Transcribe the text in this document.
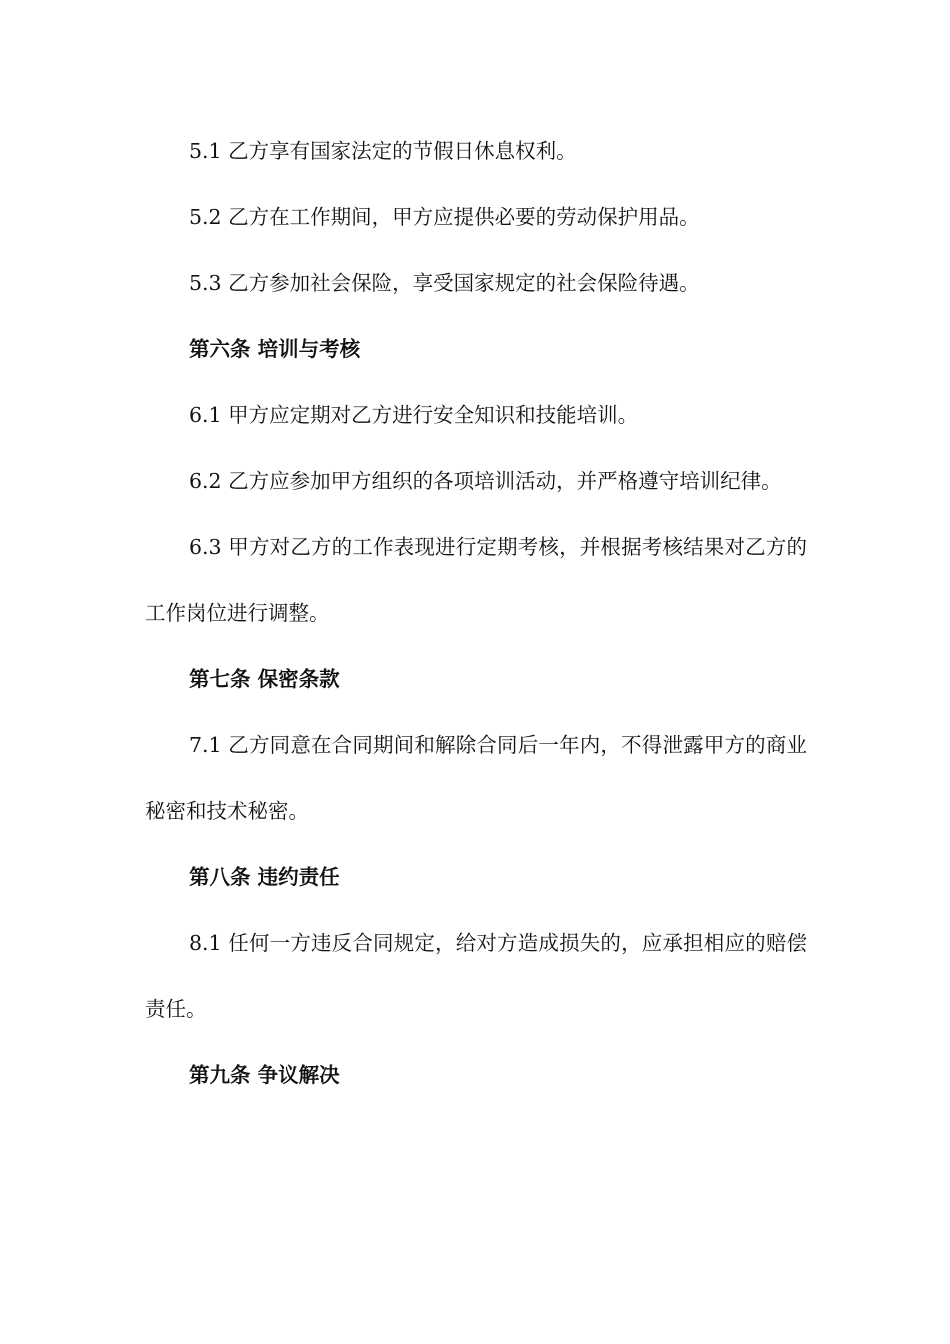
5.1 乙方享有国家法定的节假日休息权利。

5.2 乙方在工作期间，甲方应提供必要的劳动保护用品。

5.3 乙方参加社会保险，享受国家规定的社会保险待遇。

第六条 培训与考核

6.1 甲方应定期对乙方进行安全知识和技能培训。

6.2 乙方应参加甲方组织的各项培训活动，并严格遵守培训纪律。

6.3 甲方对乙方的工作表现进行定期考核，并根据考核结果对乙方的工作岗位进行调整。

第七条 保密条款

7.1 乙方同意在合同期间和解除合同后一年内，不得泄露甲方的商业秘密和技术秘密。

第八条 违约责任

8.1 任何一方违反合同规定，给对方造成损失的，应承担相应的赔偿责任。

第九条 争议解决
